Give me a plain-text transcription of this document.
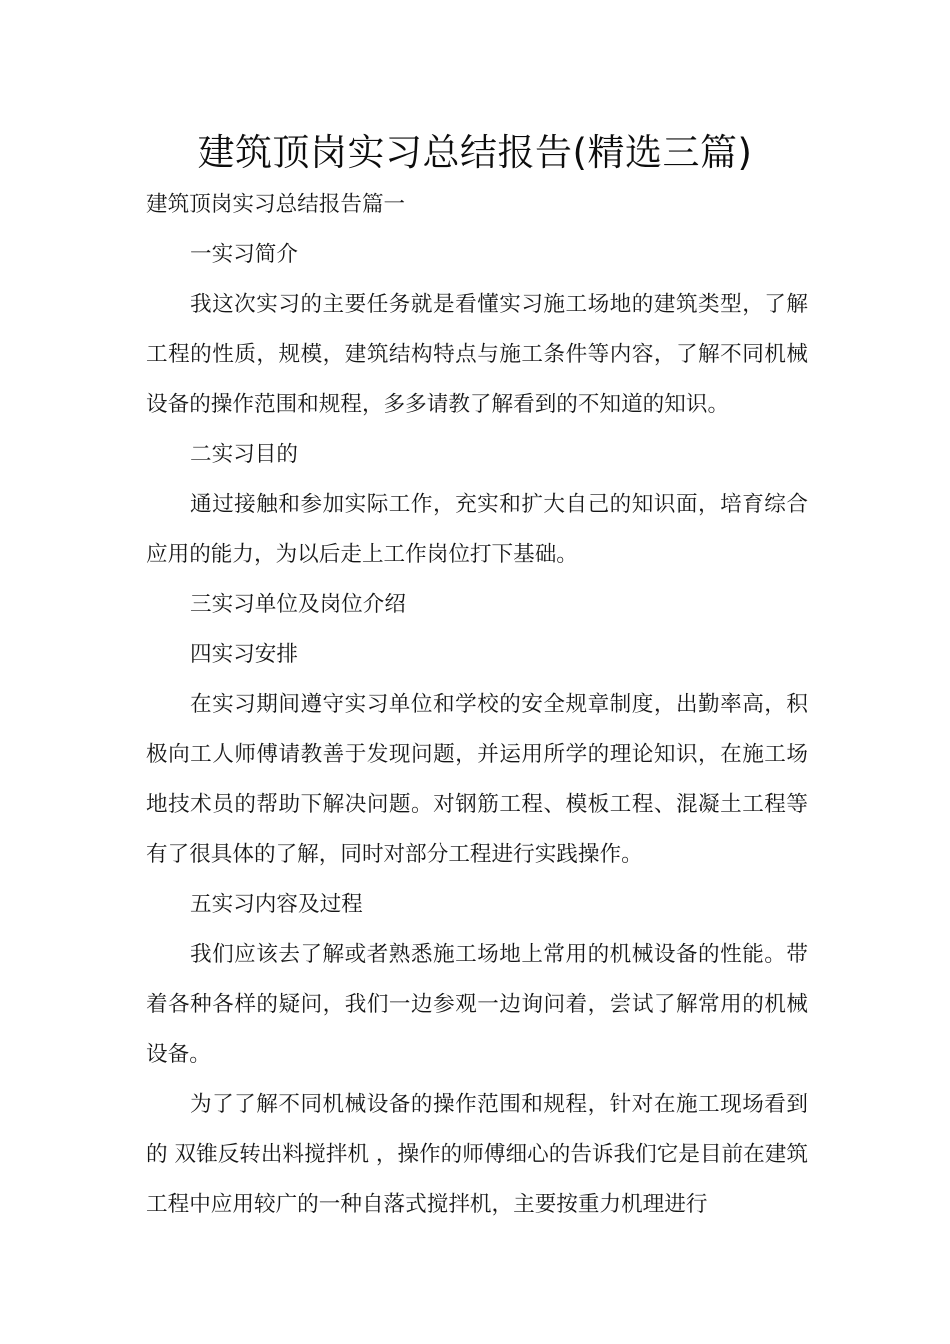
建筑顶岗实习总结报告(精选三篇)

建筑顶岗实习总结报告篇一

一实习简介

我这次实习的主要任务就是看懂实习施工场地的建筑类型，了解工程的性质，规模，建筑结构特点与施工条件等内容，了解不同机械设备的操作范围和规程，多多请教了解看到的不知道的知识。

二实习目的

通过接触和参加实际工作，充实和扩大自己的知识面，培育综合应用的能力，为以后走上工作岗位打下基础。

三实习单位及岗位介绍

四实习安排

在实习期间遵守实习单位和学校的安全规章制度，出勤率高，积极向工人师傅请教善于发现问题，并运用所学的理论知识，在施工场地技术员的帮助下解决问题。对钢筋工程、模板工程、混凝土工程等有了很具体的了解，同时对部分工程进行实践操作。

五实习内容及过程

我们应该去了解或者熟悉施工场地上常用的机械设备的性能。带着各种各样的疑问，我们一边参观一边询问着，尝试了解常用的机械设备。

为了了解不同机械设备的操作范围和规程，针对在施工现场看到的 双锥反转出料搅拌机 ，操作的师傅细心的告诉我们它是目前在建筑工程中应用较广的一种自落式搅拌机，主要按重力机理进行
